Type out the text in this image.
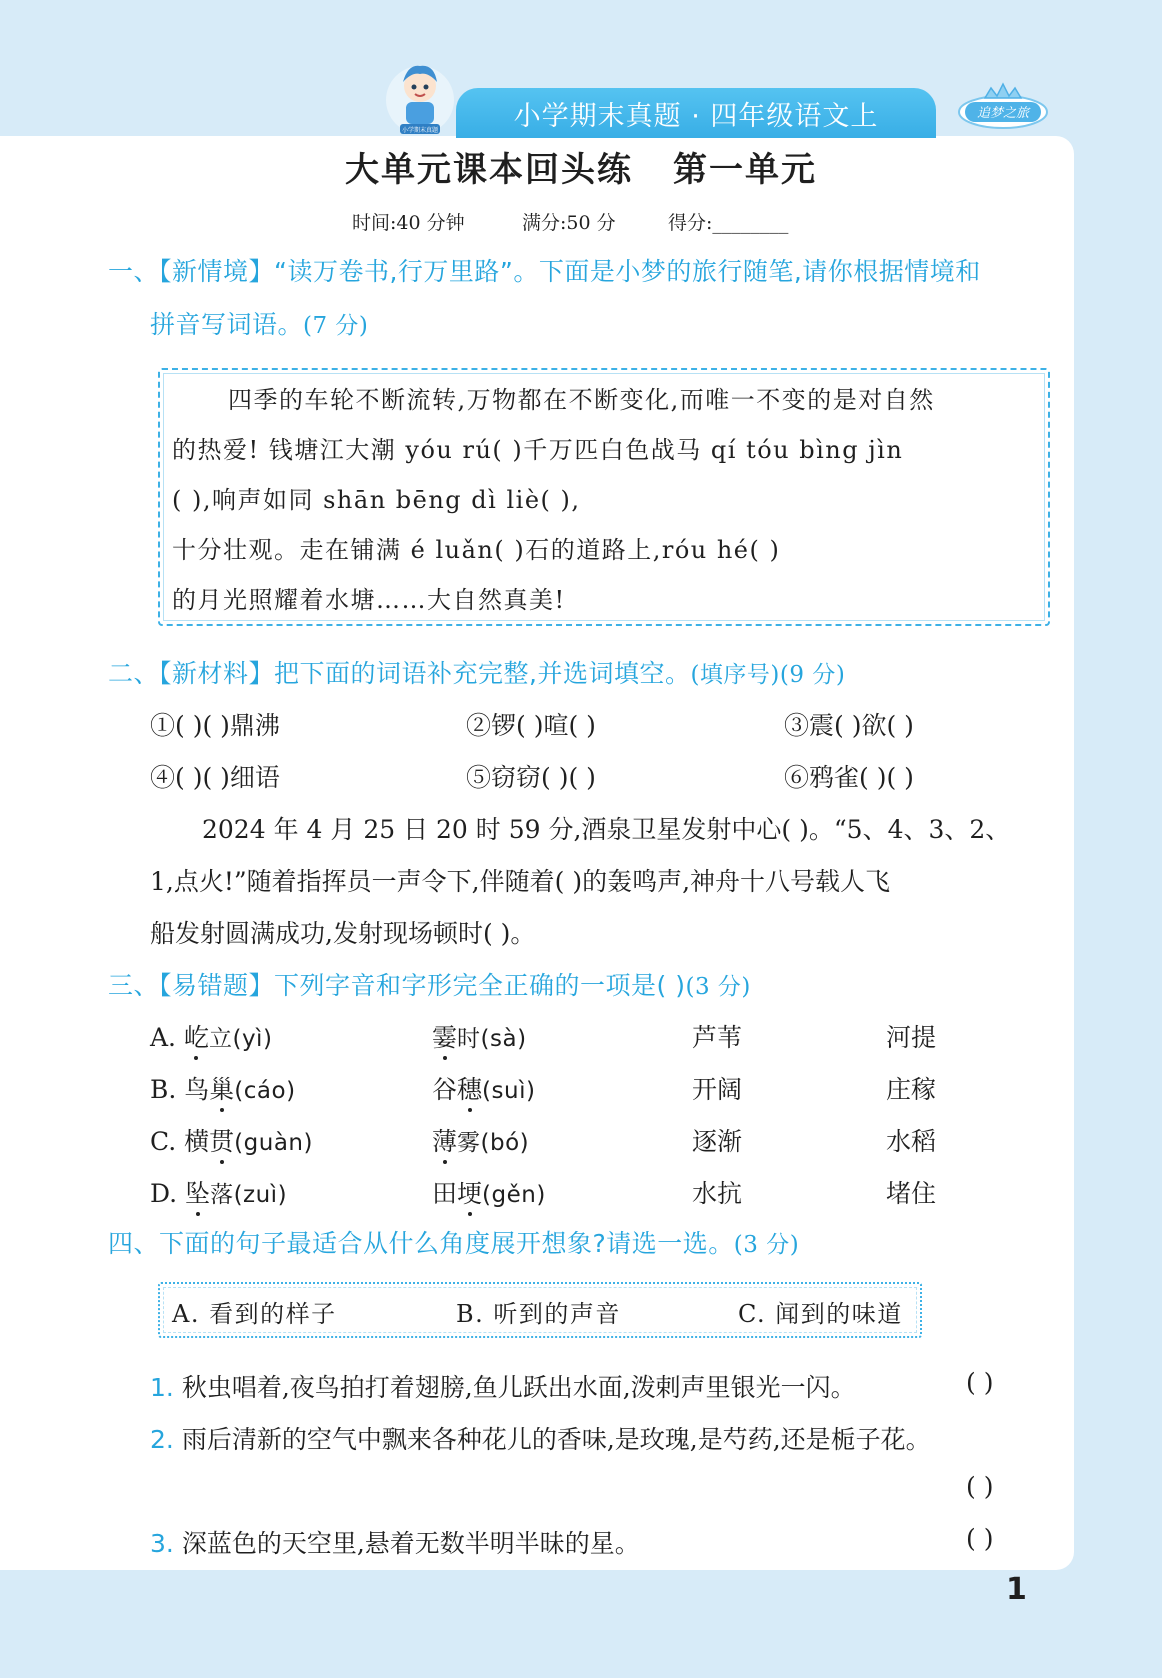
小学期末真题 · 四年级语文上
小学期末真题
追梦之旅
大单元课本回头练 第一单元
时间:40 分钟	满分:50 分	得分:________
一、【新情境】“读万卷书,行万里路”。下面是小梦的旅行随笔,请你根据情境和
拼音写词语。(7 分)
四季的车轮不断流转,万物都在不断变化,而唯一不变的是对自然
的热爱! 钱塘江大潮 yóu rú( )千万匹白色战马 qí tóu bìng jìn
( ),响声如同 shān bēng dì liè( ),
十分壮观。走在铺满 é luǎn( )石的道路上,róu hé( )
的月光照耀着水塘……大自然真美!
二、【新材料】把下面的词语补充完整,并选词填空。(填序号)(9 分)
①( )( )鼎沸	②锣( )喧( )	③震( )欲( )
④( )( )细语	⑤窃窃( )( )	⑥鸦雀( )( )
2024 年 4 月 25 日 20 时 59 分,酒泉卫星发射中心( )。“5、4、3、2、
1,点火!”随着指挥员一声令下,伴随着( )的轰鸣声,神舟十八号载人飞
船发射圆满成功,发射现场顿时( )。
三、【易错题】下列字音和字形完全正确的一项是( )(3 分)
A. 屹立(yì)	霎时(sà)	芦苇	河提
B. 鸟巢(cáo)	谷穗(suì)	开阔	庄稼
C. 横贯(guàn)	薄雾(bó)	逐渐	水稻
D. 坠落(zuì)	田埂(gěn)	水抗	堵住
四、下面的句子最适合从什么角度展开想象?请选一选。(3 分)
A. 看到的样子	B. 听到的声音	C. 闻到的味道
1. 秋虫唱着,夜鸟拍打着翅膀,鱼儿跃出水面,泼剌声里银光一闪。	( )
2. 雨后清新的空气中飘来各种花儿的香味,是玫瑰,是芍药,还是栀子花。
( )
3. 深蓝色的天空里,悬着无数半明半昧的星。	( )
1
